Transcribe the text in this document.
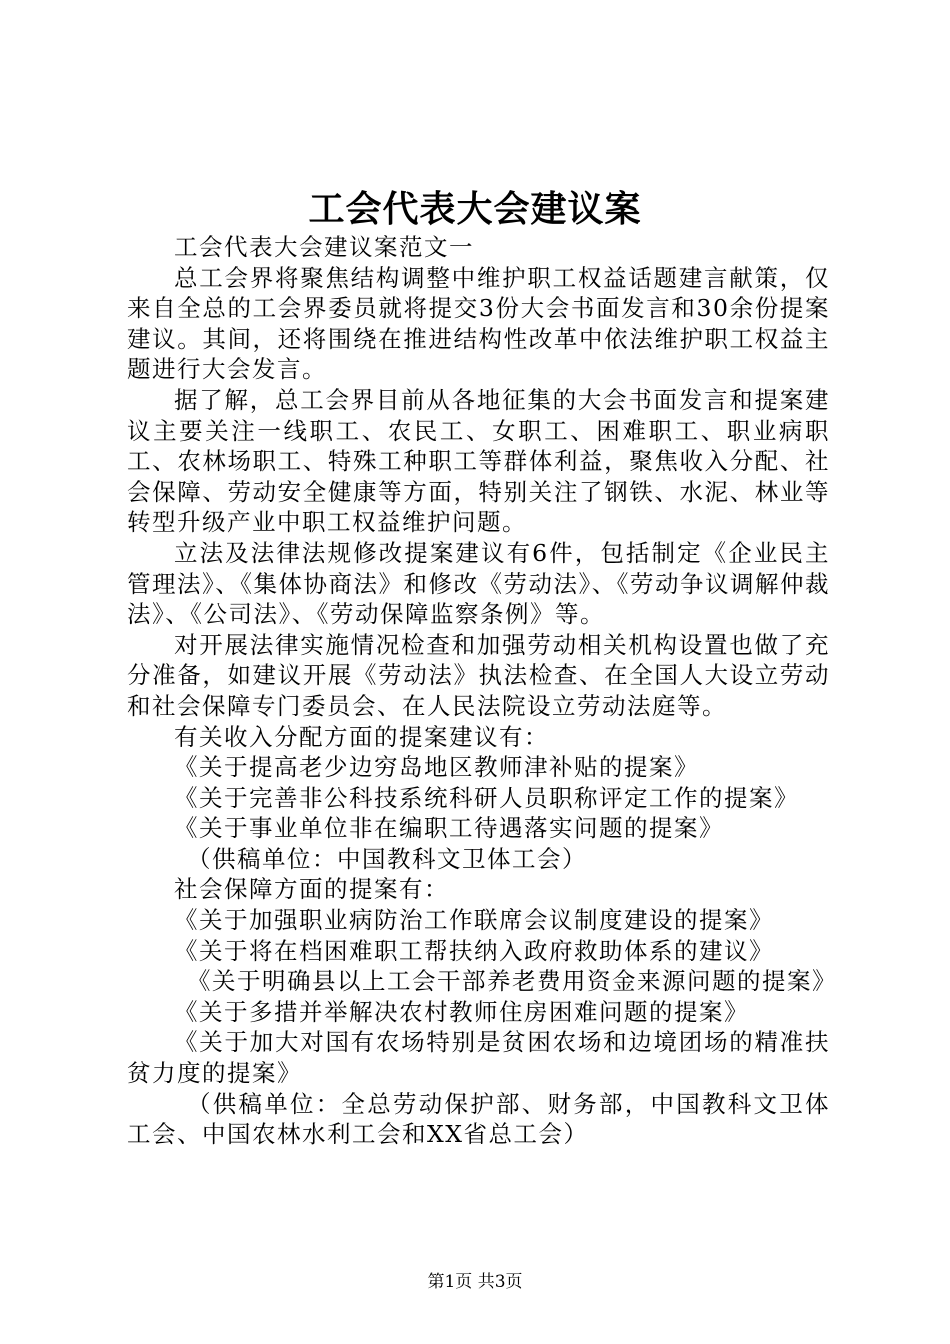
工会代表大会建议案

工会代表大会建议案范文一

总工会界将聚焦结构调整中维护职工权益话题建言献策，仅来自全总的工会界委员就将提交3份大会书面发言和30余份提案建议。其间，还将围绕在推进结构性改革中依法维护职工权益主题进行大会发言。

据了解，总工会界目前从各地征集的大会书面发言和提案建议主要关注一线职工、农民工、女职工、困难职工、职业病职工、农林场职工、特殊工种职工等群体利益，聚焦收入分配、社会保障、劳动安全健康等方面，特别关注了钢铁、水泥、林业等转型升级产业中职工权益维护问题。

立法及法律法规修改提案建议有6件，包括制定《企业民主管理法》、《集体协商法》和修改《劳动法》、《劳动争议调解仲裁法》、《公司法》、《劳动保障监察条例》等。

对开展法律实施情况检查和加强劳动相关机构设置也做了充分准备，如建议开展《劳动法》执法检查、在全国人大设立劳动和社会保障专门委员会、在人民法院设立劳动法庭等。

有关收入分配方面的提案建议有：

《关于提高老少边穷岛地区教师津补贴的提案》

《关于完善非公科技系统科研人员职称评定工作的提案》

《关于事业单位非在编职工待遇落实问题的提案》

（供稿单位：中国教科文卫体工会）

社会保障方面的提案有：

《关于加强职业病防治工作联席会议制度建设的提案》

《关于将在档困难职工帮扶纳入政府救助体系的建议》

《关于明确县以上工会干部养老费用资金来源问题的提案》

《关于多措并举解决农村教师住房困难问题的提案》

《关于加大对国有农场特别是贫困农场和边境团场的精准扶贫力度的提案》

（供稿单位：全总劳动保护部、财务部，中国教科文卫体工会、中国农林水利工会和XX省总工会）

第1页 共3页
